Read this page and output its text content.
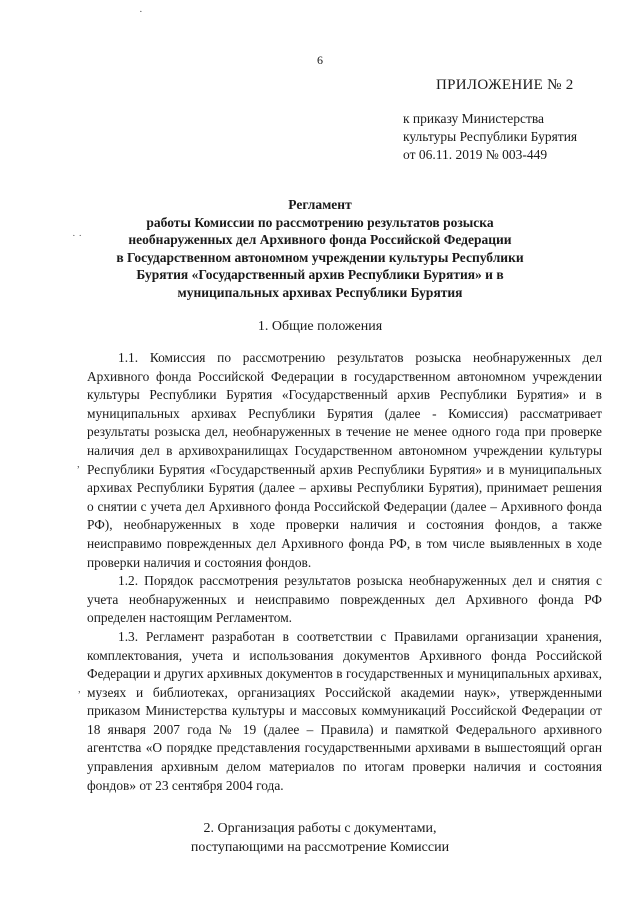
6
ПРИЛОЖЕНИЕ № 2
к приказу Министерства
культуры Республики Бурятия
от 06.11. 2019 № 003-449
Регламент
работы Комиссии по рассмотрению результатов розыска
необнаруженных дел Архивного фонда Российской Федерации
в Государственном автономном учреждении культуры Республики
Бурятия «Государственный архив Республики Бурятия» и в
муниципальных архивах Республики Бурятия
1. Общие положения

1.1. Комиссия по рассмотрению результатов розыска необнаруженных дел Архивного фонда Российской Федерации в государственном автономном учреждении культуры Республики Бурятия «Государственный архив Республики Бурятия» и в муниципальных архивах Республики Бурятия (далее - Комиссия) рассматривает результаты розыска дел, необнаруженных в течение не менее одного года при проверке наличия дел в архивохранилищах Государственном автономном учреждении культуры Республики Бурятия «Государственный архив Республики Бурятия» и в муниципальных архивах Республики Бурятия (далее – архивы Республики Бурятия), принимает решения о снятии с учета дел Архивного фонда Российской Федерации (далее – Архивного фонда РФ), необнаруженных в ходе проверки наличия и состояния фондов, а также неисправимо поврежденных дел Архивного фонда РФ, в том числе выявленных в ходе проверки наличия и состояния фондов.

1.2. Порядок рассмотрения результатов розыска необнаруженных дел и снятия с учета необнаруженных и неисправимо поврежденных дел Архивного фонда РФ определен настоящим Регламентом.

1.3. Регламент разработан в соответствии с Правилами организации хранения, комплектования, учета и использования документов Архивного фонда Российской Федерации и других архивных документов в государственных и муниципальных архивах, музеях и библиотеках, организациях Российской академии наук», утвержденными приказом Министерства культуры и массовых коммуникаций Российской Федерации от 18 января 2007 года № 19 (далее – Правила) и памяткой Федерального архивного агентства «О порядке представления государственными архивами в вышестоящий орган управления архивным делом материалов по итогам проверки наличия и состояния фондов» от 23 сентября 2004 года.

2. Организация работы с документами,
поступающими на рассмотрение Комиссии
·
˙ ˙
,
,
